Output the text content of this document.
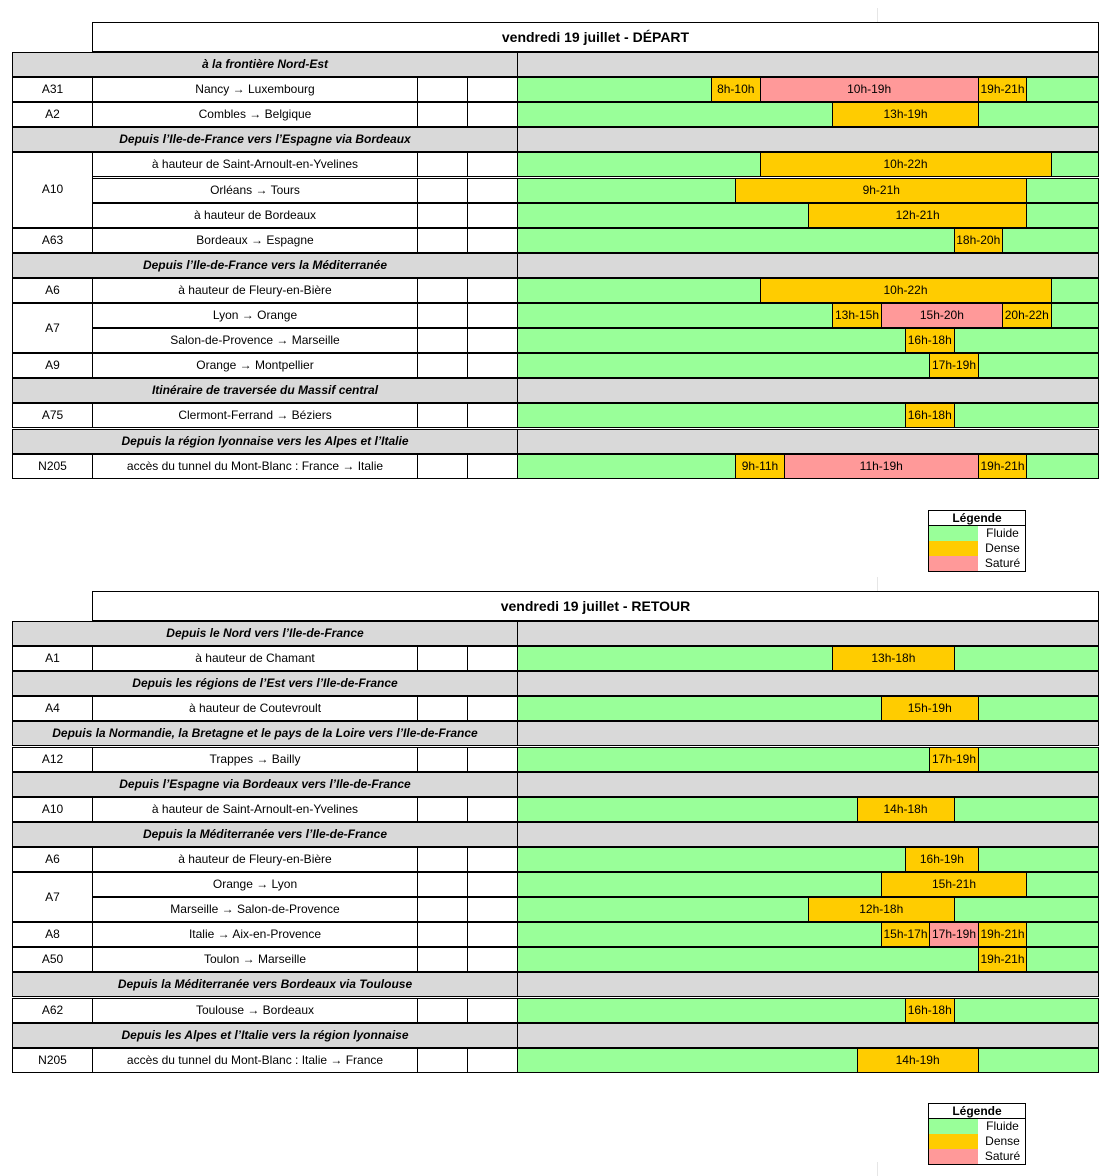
vendredi 19 juillet - DÉPART
à la frontière Nord-Est
A31	Nancy → Luxembourg	8h-10h	10h-19h	19h-21h
A2	Combles → Belgique	13h-19h
Depuis l’Ile-de-France vers l’Espagne via Bordeaux
A10
à hauteur de Saint-Arnoult-en-Yvelines	10h-22h
Orléans → Tours	9h-21h
à hauteur de Bordeaux	12h-21h
A63	Bordeaux → Espagne	18h-20h
Depuis l’Ile-de-France vers la Méditerranée
A6	à hauteur de Fleury-en-Bière	10h-22h
A7
Lyon → Orange	13h-15h	15h-20h	20h-22h
Salon-de-Provence → Marseille	16h-18h
A9	Orange → Montpellier	17h-19h
Itinéraire de traversée du Massif central
A75	Clermont-Ferrand → Béziers	16h-18h
Depuis la région lyonnaise vers les Alpes et l’Italie
N205	accès du tunnel du Mont-Blanc : France → Italie	9h-11h	11h-19h	19h-21h
Légende
Fluide
Dense
Saturé
vendredi 19 juillet - RETOUR
Depuis le Nord vers l’Ile-de-France
A1	à hauteur de Chamant	13h-18h
Depuis les régions de l’Est vers l’Ile-de-France
A4	à hauteur de Coutevroult	15h-19h
Depuis la Normandie, la Bretagne et le pays de la Loire vers l’Ile-de-France
A12	Trappes → Bailly	17h-19h
Depuis l’Espagne via Bordeaux vers l’Ile-de-France
A10	à hauteur de Saint-Arnoult-en-Yvelines	14h-18h
Depuis la Méditerranée vers l’Ile-de-France
A6	à hauteur de Fleury-en-Bière	16h-19h
A7
Orange → Lyon	15h-21h
Marseille → Salon-de-Provence	12h-18h
A8	Italie → Aix-en-Provence	15h-17h 17h-19h 19h-21h
A50	Toulon → Marseille	19h-21h
Depuis la Méditerranée vers Bordeaux via Toulouse
A62	Toulouse → Bordeaux	16h-18h
Depuis les Alpes et l’Italie vers la région lyonnaise
N205	accès du tunnel du Mont-Blanc : Italie → France	14h-19h
Légende
Fluide
Dense
Saturé
